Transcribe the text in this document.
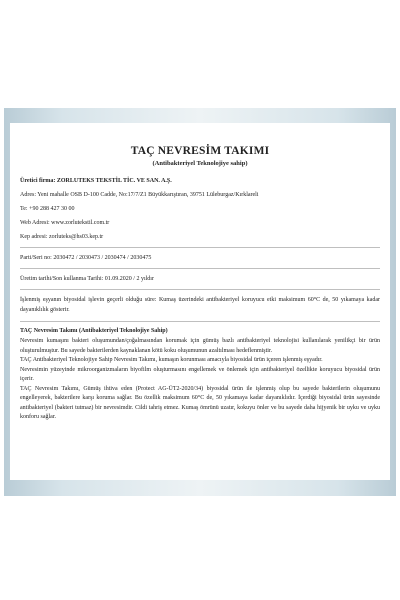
TAÇ NEVRESİM TAKIMI
(Antibakteriyel Teknolojiye sahip)
Üretici firma: ZORLUTEKS TEKSTİL TİC. VE SAN. A.Ş.
Adres: Yeni mahalle OSB D-100 Cadde, No:17/7/Z1 Büyükkarıştıran, 39751 Lüleburgaz/Kırklareli
Te: +90 288 427 30 00
Web Adresi: www.zorlutekstil.com.tr
Kep adresi: zorluteks@hs03.kep.tr
Parti/Seri no: 2030472 / 2030473 / 2030474 / 2030475
Üretim tarihi/Son kullanma Tarihi: 01.09.2020 / 2 yıldır

İşlenmiş eşyanın biyosidal işlevin geçerli olduğu süre: Kumaş üzerindeki antibakteriyel koruyucu etki maksimum 60°C de, 50 yıkamaya kadar dayanıklılık gösterir.

TAÇ Nevresim Takımı (Antibakteriyel Teknolojiye Sahip)

Nevresim kumaşını bakteri oluşumundan/çoğalmasından korumak için gümüş bazlı antibakteriyel teknolojisi kullanılarak yenilikçi bir ürün oluşturulmuştur. Bu sayede bakterilerden kaynaklanan kötü koku oluşumunun azaltılması hedeflenmiştir.

TAÇ Antibakteriyel Teknolojiye Sahip Nevresim Takımı, kumaşın korunması amacıyla biyosidal ürün içeren işlenmiş eşyadır.

Nevresimin yüzeyinde mikroorganizmaların biyofilm oluşturmasını engellemek ve önlemek için antibakteriyel özellikte koruyucu biyosidal ürün içerir.

TAÇ Nevresim Takımı, Gümüş ihtiva eden (Protect AG-ÜT2-2020/34) biyosidal ürün ile işlenmiş olup bu sayede bakterilerin oluşumunu engelleyerek, bakterilere karşı koruma sağlar. Bu özellik maksimum 60°C de, 50 yıkamaya kadar dayanıklıdır. İçerdiği biyosidal ürün sayesinde antibakteriyel (bakteri tutmaz) bir nevresimdir. Cildi tahriş etmez. Kumaş ömrünü uzatır, kokuyu önler ve bu sayede daha hijyenik bir uyku ve uyku konforu sağlar.
